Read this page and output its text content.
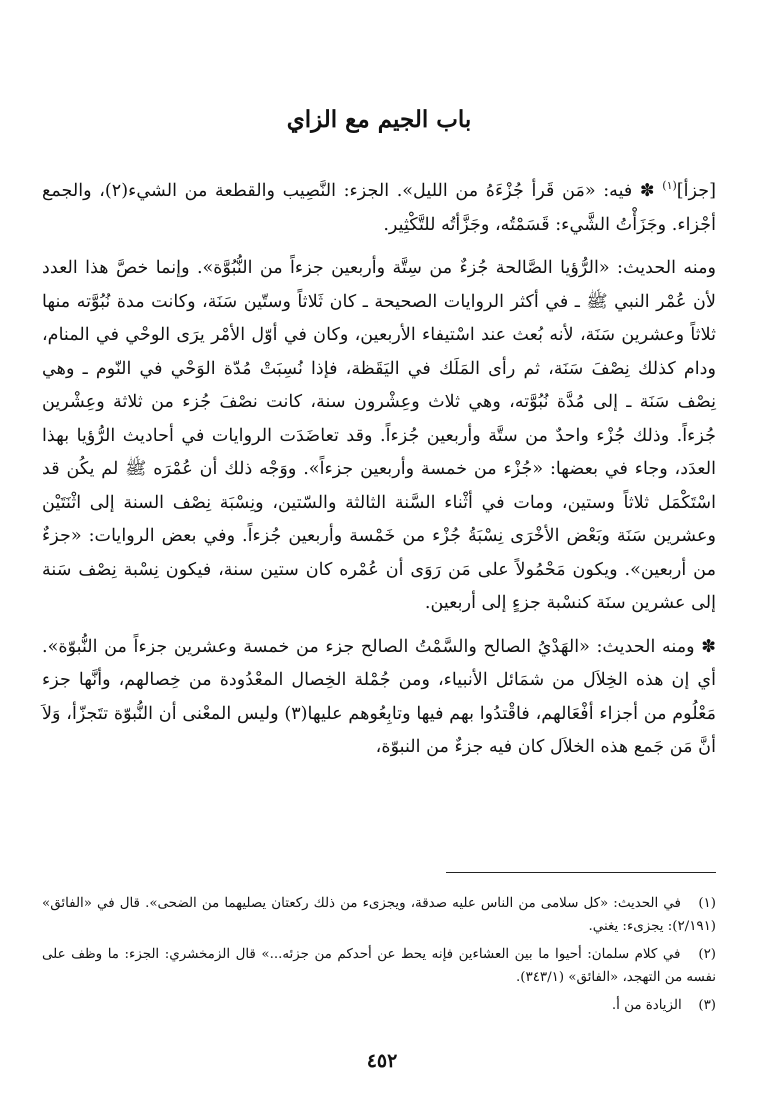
باب الجيم مع الزاي

[جزأ]$^{(١)}$ ✽ فيه: «مَن قَرأ جُزْءَهُ من الليل». الجزء: النَّصِيب والقطعة من الشيء(٢)، والجمع أجْزاء. وجَزَأْتُ الشَّيء: قَسَمْتُه، وجَزَّأتُه للتَّكْثِير.

ومنه الحديث: «الرُّؤيا الصَّالحة جُزءٌ من سِتَّة وأربعين جزءاً من النُّبُوَّة». وإنما خصَّ هذا العدد لأن عُمْر النبي ﷺ ـ في أكثر الروايات الصحيحة ـ كان ثَلاثاً وستّين سَنَة، وكانت مدة نُبُوَّته منها ثلاثاً وعشرين سَنَة، لأنه بُعث عند اسْتيفاء الأربعين، وكان في أوّل الأمْر يرَى الوحْي في المنام، ودام كذلك نِصْفَ سَنَة، ثم رأى المَلَك في اليَقَظة، فإذا نُسِبَتْ مُدّة الوَحْي في النّوم ـ وهي نِصْف سَنَة ـ إلى مُدَّة نُبُوَّته، وهي ثلاث وعِشْرون سنة، كانت نصْفَ جُزء من ثلاثة وعِشْرين جُزءاً. وذلك جُزْء واحدٌ من ستَّة وأربعين جُزءاً. وقد تعاضَدَت الروايات في أحاديث الرُّؤيا بهذا العدَد، وجاء في بعضها: «جُزْء من خمسة وأربعين جزءاً». ووَجْه ذلك أن عُمْرَه ﷺ لم يكُن قد اسْتَكْمَل ثلاثاً وستين، ومات في أثْناء السَّنة الثالثة والسّتين، ونِسْبَة نِصْف السنة إلى اثْنَتَيْن وعشرين سَنَة وبَعْض الأخْرَى نِسْبَةُ جُزْء من خَمْسة وأربعين جُزءاً. وفي بعض الروايات: «جزءٌ من أربعين». ويكون مَحْمُولاً على مَن رَوَى أن عُمْره كان ستين سنة، فيكون نِسْبة نِصْف سَنة إلى عشرين سنَة كنسْبة جزءٍ إلى أربعين.

✽ ومنه الحديث: «الهَدْيُ الصالح والسَّمْتُ الصالح جزء من خمسة وعشرين جزءاً من النُّبوّة». أي إن هذه الخِلاَل من شمَائل الأنبياء، ومن جُمْلة الخِصال المعْدُودة من خِصالهم، وأنَّها جزء مَعْلُوم من أجزاء أفْعَالهم، فاقْتدُوا بهم فيها وتابِعُوهم عليها(٣) وليس المعْنى أن النُّبوّة تتَجزّأ، وَلاَ أنَّ مَن جَمع هذه الخلاَل كان فيه جزءٌ من النبوّة،

(١) في الحديث: «كل سلامى من الناس عليه صدقة، ويجزىء من ذلك ركعتان يصليهما من الضحى». قال في «الفائق» (٢/١٩١): يجزىء: يغني.
(٢) في كلام سلمان: أحيوا ما بين العشاءين فإنه يحط عن أحدكم من جزئه...» قال الزمخشري: الجزء: ما وظف على نفسه من التهجد، «الفائق» (٣٤٣/١).
(٣) الزيادة من أ.
٤٥٢
